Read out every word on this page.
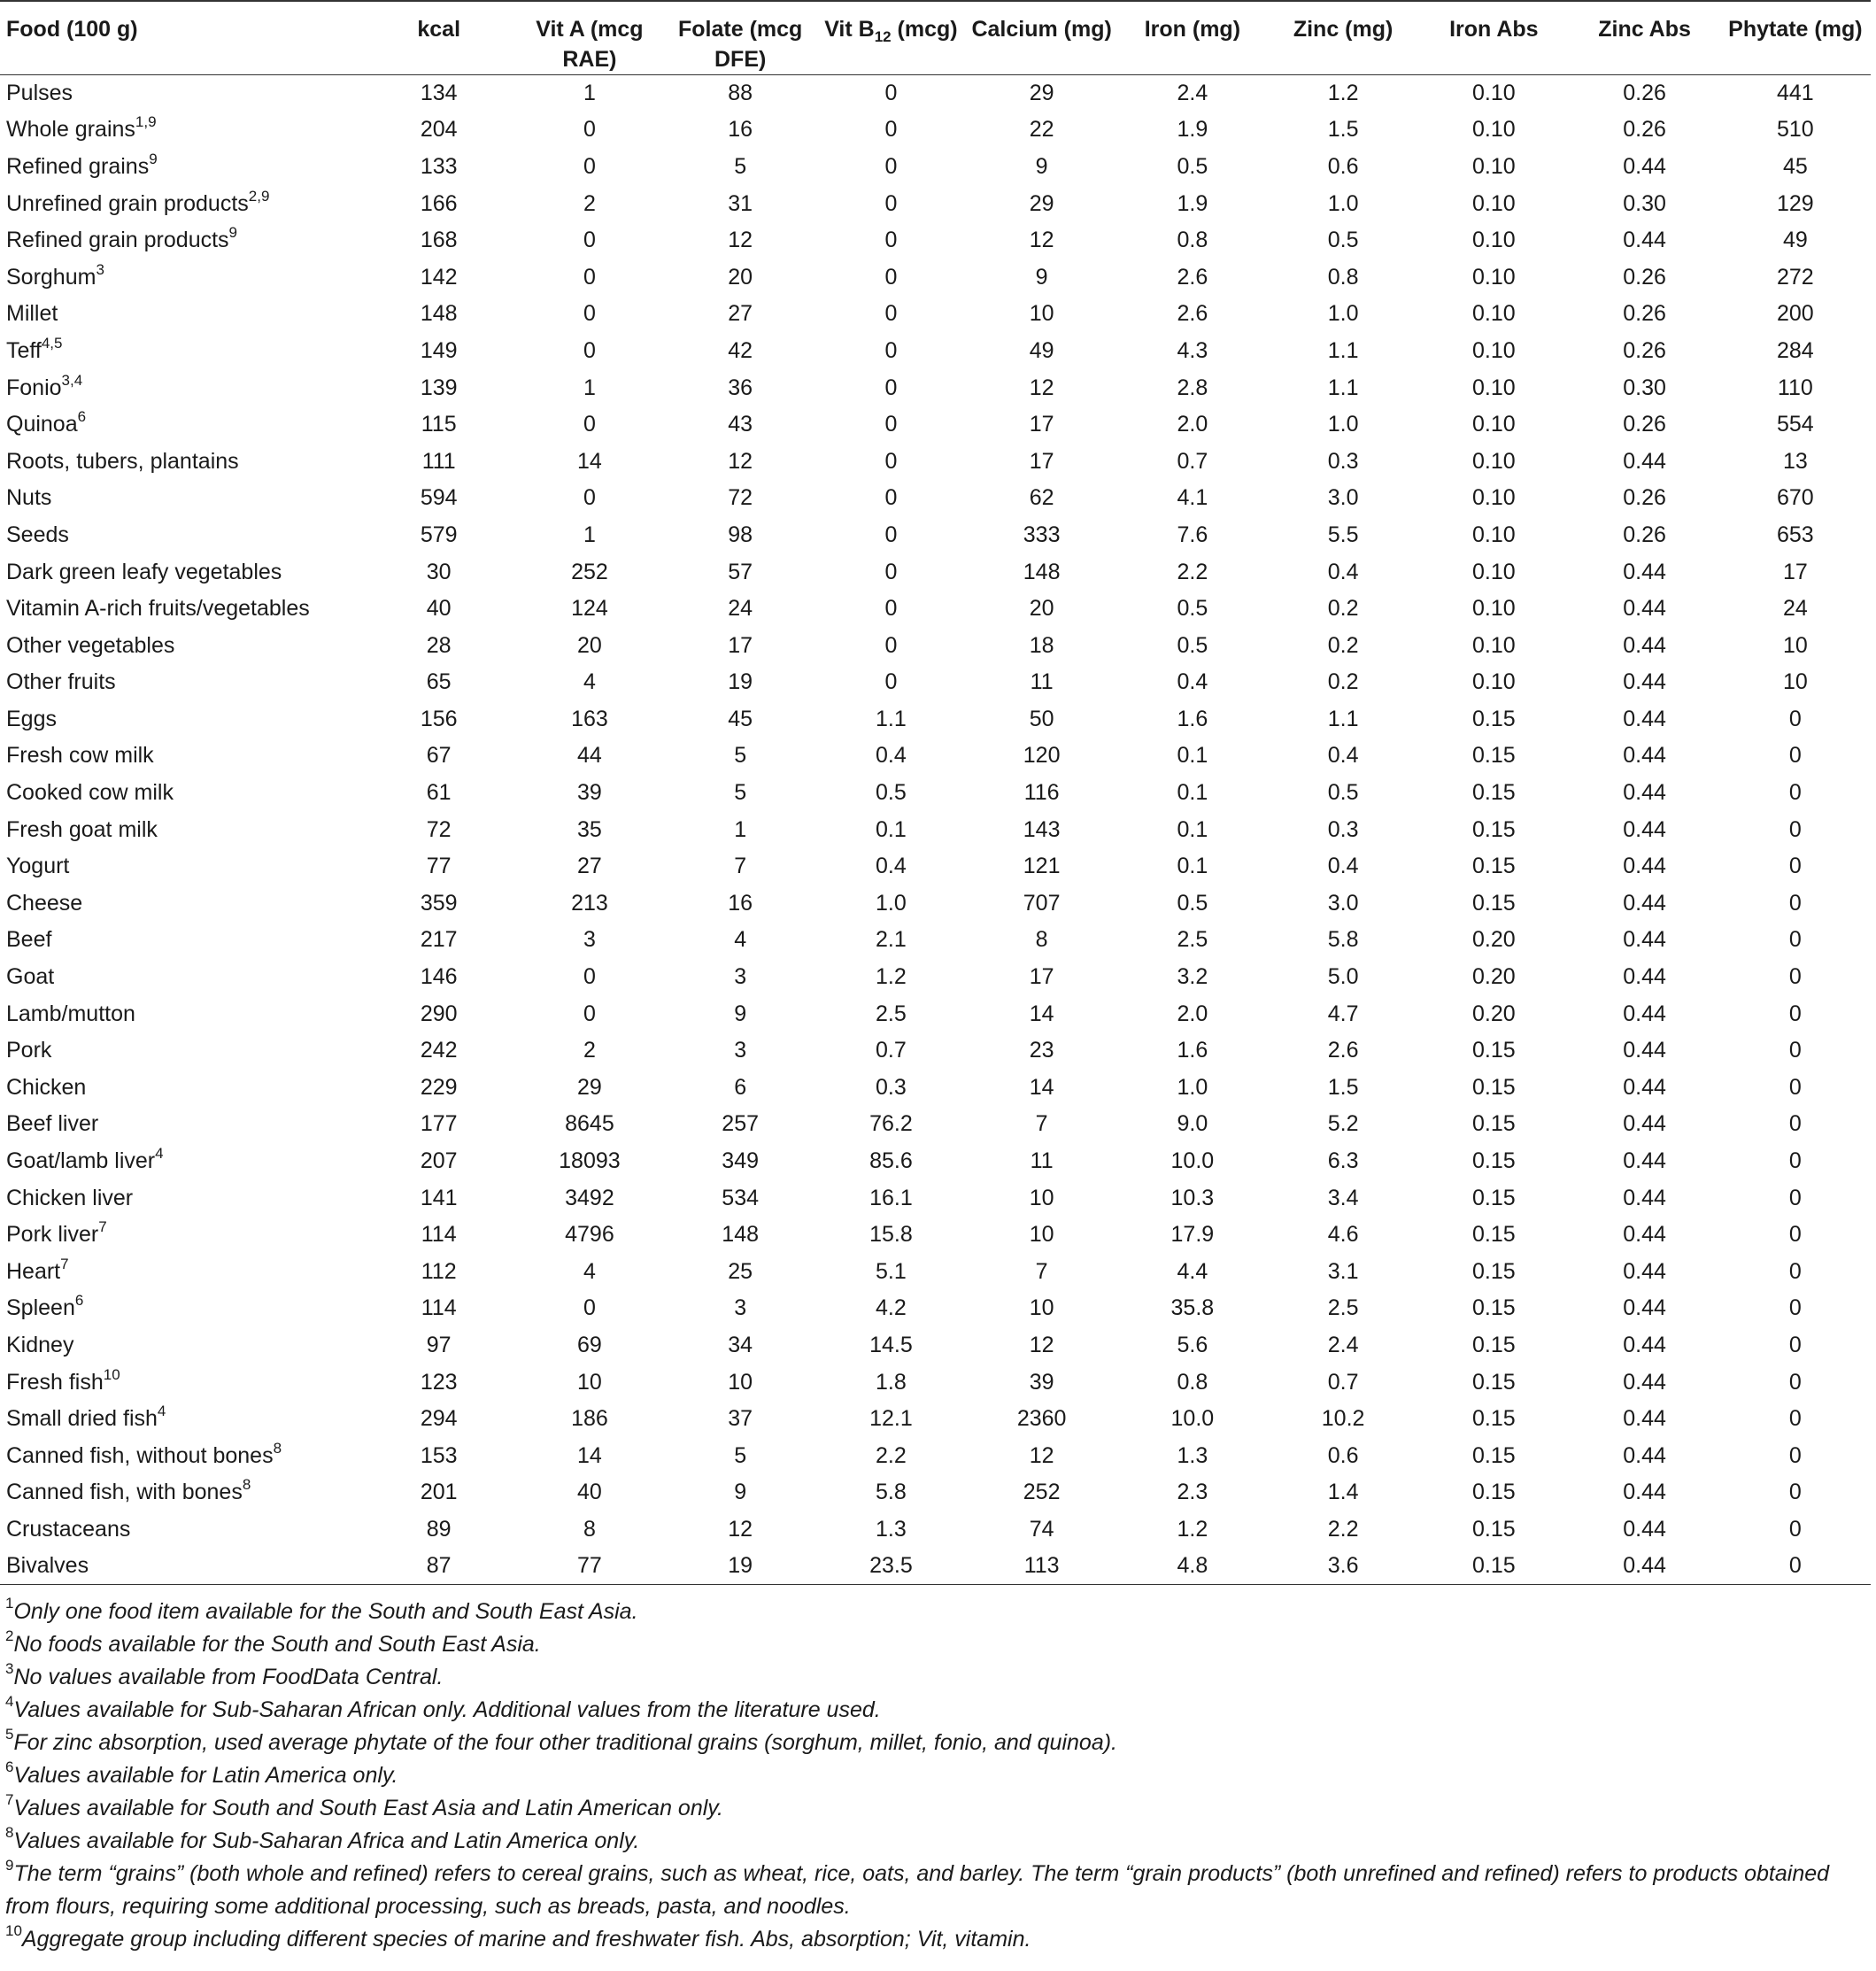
Food (100 g)	kcal	Vit A (mcg RAE)	Folate (mcg DFE)	Vit $B_{12}$ (mcg)	Calcium (mg)	Iron (mg)	Zinc (mg)	Iron Abs	Zinc Abs	Phytate (mg)
Pulses	134	1	88	0	29	2.4	1.2	0.10	0.26	441
Whole grains$^{1,9}$	204	0	16	0	22	1.9	1.5	0.10	0.26	510
Refined grains$^9$	133	0	5	0	9	0.5	0.6	0.10	0.44	45
Unrefined grain products$^{2,9}$	166	2	31	0	29	1.9	1.0	0.10	0.30	129
Refined grain products$^9$	168	0	12	0	12	0.8	0.5	0.10	0.44	49
Sorghum$^3$	142	0	20	0	9	2.6	0.8	0.10	0.26	272
Millet	148	0	27	0	10	2.6	1.0	0.10	0.26	200
Teff$^{4,5}$	149	0	42	0	49	4.3	1.1	0.10	0.26	284
Fonio$^{3,4}$	139	1	36	0	12	2.8	1.1	0.10	0.30	110
Quinoa$^6$	115	0	43	0	17	2.0	1.0	0.10	0.26	554
Roots, tubers, plantains	111	14	12	0	17	0.7	0.3	0.10	0.44	13
Nuts	594	0	72	0	62	4.1	3.0	0.10	0.26	670
Seeds	579	1	98	0	333	7.6	5.5	0.10	0.26	653
Dark green leafy vegetables	30	252	57	0	148	2.2	0.4	0.10	0.44	17
Vitamin A-rich fruits/vegetables	40	124	24	0	20	0.5	0.2	0.10	0.44	24
Other vegetables	28	20	17	0	18	0.5	0.2	0.10	0.44	10
Other fruits	65	4	19	0	11	0.4	0.2	0.10	0.44	10
Eggs	156	163	45	1.1	50	1.6	1.1	0.15	0.44	0
Fresh cow milk	67	44	5	0.4	120	0.1	0.4	0.15	0.44	0
Cooked cow milk	61	39	5	0.5	116	0.1	0.5	0.15	0.44	0
Fresh goat milk	72	35	1	0.1	143	0.1	0.3	0.15	0.44	0
Yogurt	77	27	7	0.4	121	0.1	0.4	0.15	0.44	0
Cheese	359	213	16	1.0	707	0.5	3.0	0.15	0.44	0
Beef	217	3	4	2.1	8	2.5	5.8	0.20	0.44	0
Goat	146	0	3	1.2	17	3.2	5.0	0.20	0.44	0
Lamb/mutton	290	0	9	2.5	14	2.0	4.7	0.20	0.44	0
Pork	242	2	3	0.7	23	1.6	2.6	0.15	0.44	0
Chicken	229	29	6	0.3	14	1.0	1.5	0.15	0.44	0
Beef liver	177	8645	257	76.2	7	9.0	5.2	0.15	0.44	0
Goat/lamb liver$^4$	207	18093	349	85.6	11	10.0	6.3	0.15	0.44	0
Chicken liver	141	3492	534	16.1	10	10.3	3.4	0.15	0.44	0
Pork liver$^7$	114	4796	148	15.8	10	17.9	4.6	0.15	0.44	0
Heart$^7$	112	4	25	5.1	7	4.4	3.1	0.15	0.44	0
Spleen$^6$	114	0	3	4.2	10	35.8	2.5	0.15	0.44	0
Kidney	97	69	34	14.5	12	5.6	2.4	0.15	0.44	0
Fresh fish$^{10}$	123	10	10	1.8	39	0.8	0.7	0.15	0.44	0
Small dried fish$^4$	294	186	37	12.1	2360	10.0	10.2	0.15	0.44	0
Canned fish, without bones$^8$	153	14	5	2.2	12	1.3	0.6	0.15	0.44	0
Canned fish, with bones$^8$	201	40	9	5.8	252	2.3	1.4	0.15	0.44	0
Crustaceans	89	8	12	1.3	74	1.2	2.2	0.15	0.44	0
Bivalves	87	77	19	23.5	113	4.8	3.6	0.15	0.44	0

$^1$Only one food item available for the South and South East Asia.

$^2$No foods available for the South and South East Asia.

$^3$No values available from FoodData Central.

$^4$Values available for Sub-Saharan African only. Additional values from the literature used.

$^5$For zinc absorption, used average phytate of the four other traditional grains (sorghum, millet, fonio, and quinoa).

$^6$Values available for Latin America only.

$^7$Values available for South and South East Asia and Latin American only.

$^8$Values available for Sub-Saharan Africa and Latin America only.

$^9$The term “grains” (both whole and refined) refers to cereal grains, such as wheat, rice, oats, and barley. The term “grain products” (both unrefined and refined) refers to products obtained from flours, requiring some additional processing, such as breads, pasta, and noodles.

$^{10}$Aggregate group including different species of marine and freshwater fish. Abs, absorption; Vit, vitamin.
